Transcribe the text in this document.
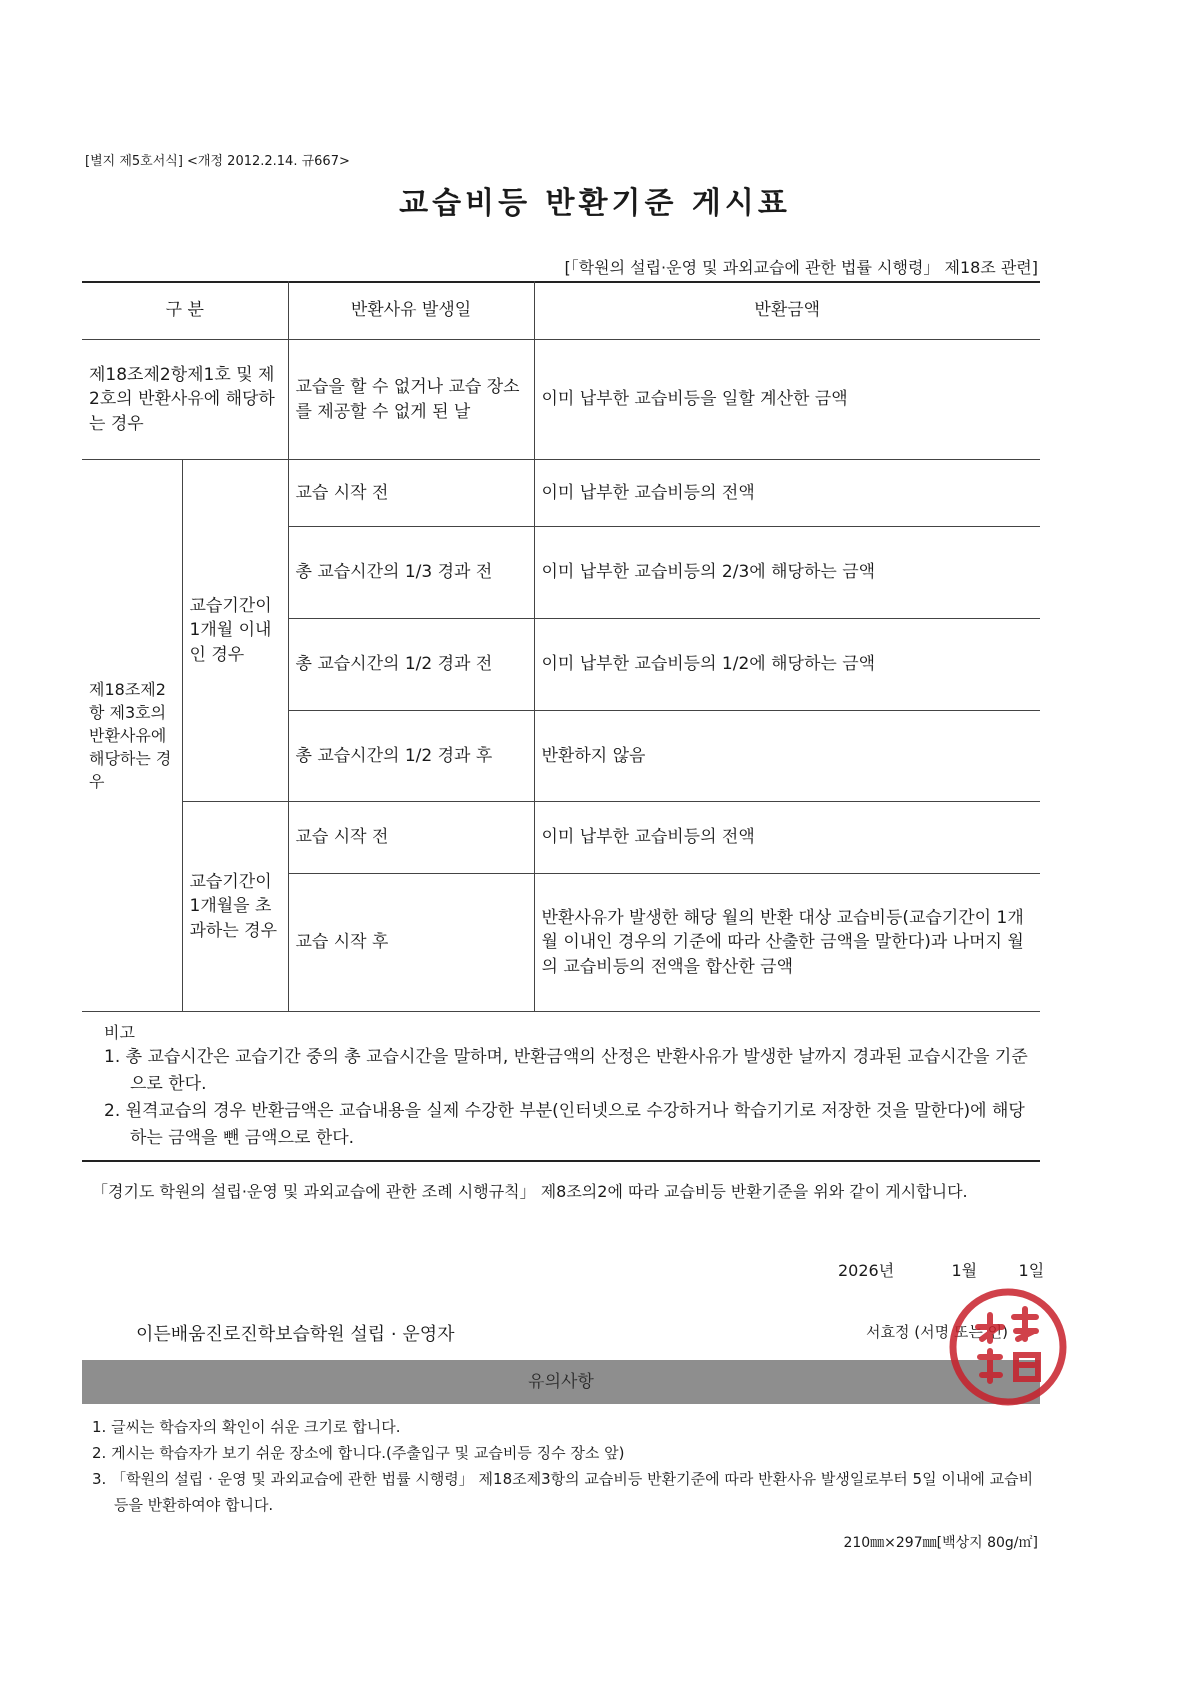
[별지 제5호서식] <개정 2012.2.14. 규667>
교습비등 반환기준 게시표
[「학원의 설립·운영 및 과외교습에 관한 법률 시행령」 제18조 관련]
구 분		반환사유 발생일	반환금액
제18조제2항제1호 및 제2호의 반환사유에 해당하는 경우		교습을 할 수 없거나 교습 장소를 제공할 수 없게 된 날	이미 납부한 교습비등을 일할 계산한 금액
제18조제2항 제3호의 반환사유에 해당하는 경우	교습기간이 1개월 이내인 경우	교습 시작 전	이미 납부한 교습비등의 전액
		총 교습시간의 1/3 경과 전	이미 납부한 교습비등의 2/3에 해당하는 금액
		총 교습시간의 1/2 경과 전	이미 납부한 교습비등의 1/2에 해당하는 금액
		총 교습시간의 1/2 경과 후	반환하지 않음
	교습기간이 1개월을 초과하는 경우	교습 시작 전	이미 납부한 교습비등의 전액
		교습 시작 후	반환사유가 발생한 해당 월의 반환 대상 교습비등(교습기간이 1개월 이내인 경우의 기준에 따라 산출한 금액을 말한다)과 나머지 월의 교습비등의 전액을 합산한 금액
비고
1. 총 교습시간은 교습기간 중의 총 교습시간을 말하며, 반환금액의 산정은 반환사유가 발생한 날까지 경과된 교습시간을 기준으로 한다.
2. 원격교습의 경우 반환금액은 교습내용을 실제 수강한 부분(인터넷으로 수강하거나 학습기기로 저장한 것을 말한다)에 해당하는 금액을 뺀 금액으로 한다.
「경기도 학원의 설립·운영 및 과외교습에 관한 조례 시행규칙」 제8조의2에 따라 교습비등 반환기준을 위와 같이 게시합니다.
2026년	1월	1일
이든배움진로진학보습학원 설립 · 운영자	서효정 (서명 또는 인)
유의사항
1. 글씨는 학습자의 확인이 쉬운 크기로 합니다.
2. 게시는 학습자가 보기 쉬운 장소에 합니다.(주출입구 및 교습비등 징수 장소 앞)
3. 「학원의 설립 · 운영 및 과외교습에 관한 법률 시행령」 제18조제3항의 교습비등 반환기준에 따라 반환사유 발생일로부터 5일 이내에 교습비등을 반환하여야 합니다.
210㎜×297㎜[백상지 80g/㎡]
